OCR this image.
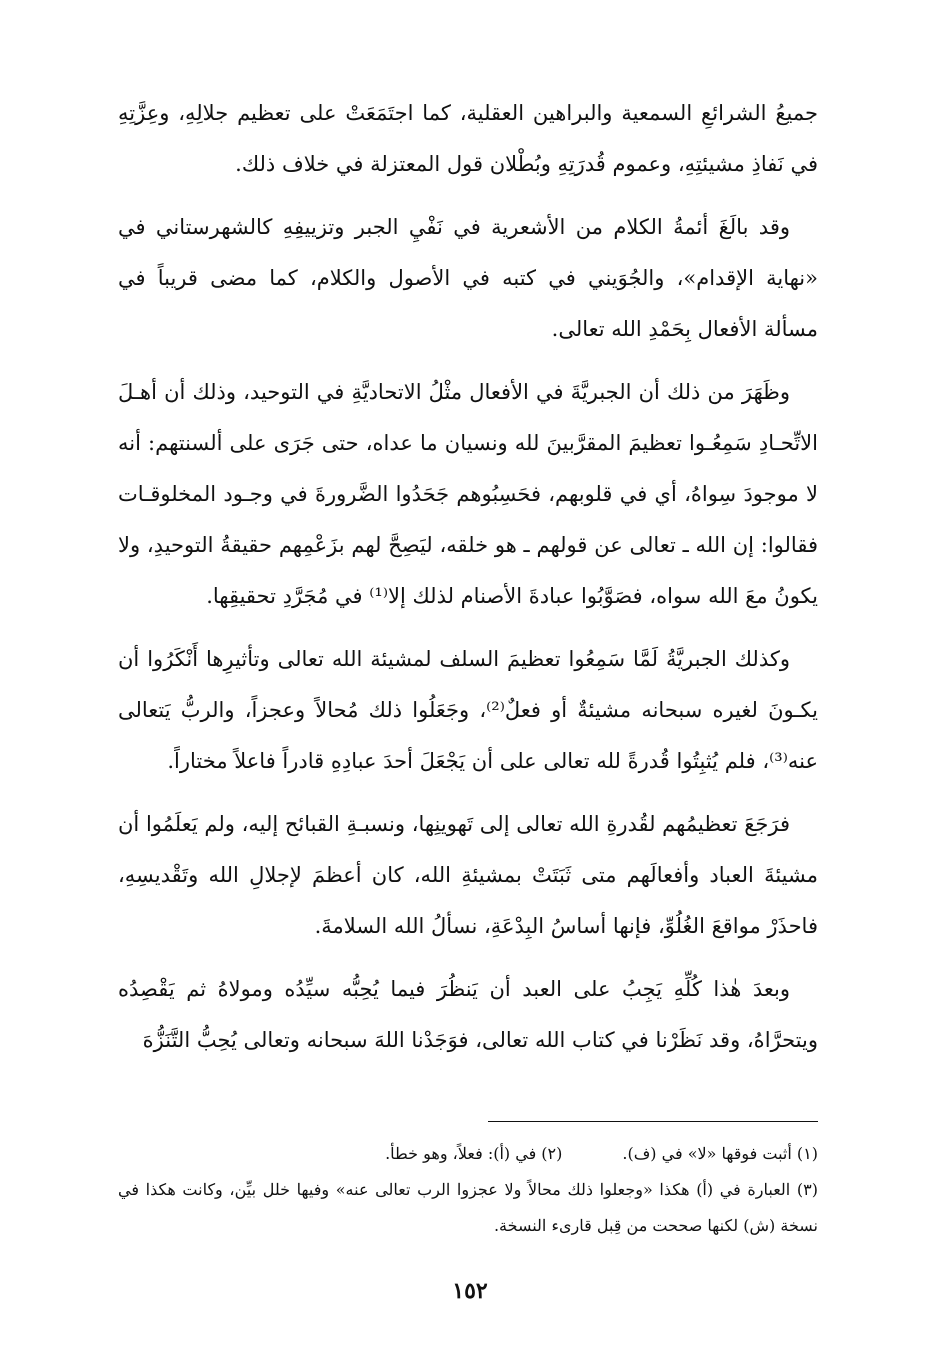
جميعُ الشرائعِ السمعية والبراهين العقلية، كما اجتَمَعَتْ على تعظيم جلالِهِ، وعِزَّتِهِ في نَفاذِ مشيئتِهِ، وعموم قُدرَتِهِ وبُطْلان قول المعتزلة في خلاف ذلك.

وقد بالَغَ أئمةُ الكلام من الأشعرية في نَفْيِ الجبر وتزييفِهِ كالشهرستاني في «نهاية الإقدام»، والجُوَيني في كتبه في الأصول والكلام، كما مضى قريباً في مسألة الأفعال بِحَمْدِ الله تعالى.

وظَهَرَ من ذلك أن الجبريَّةَ في الأفعال مثْلُ الاتحاديَّةِ في التوحيد، وذلك أن أهـلَ الاتِّحـادِ سَمِعُـوا تعظيمَ المقرَّبينَ لله ونسيان ما عداه، حتى جَرَى على ألسنتهم: أنه لا موجودَ سِواهُ، أي في قلوبهم، فحَسِبُوهم جَحَدُوا الضَّرورةَ في وجـود المخلوقـات فقالوا: إن الله ـ تعالى عن قولهم ـ هو خلقه، ليَصِحَّ لهم بزَعْمِهم حقيقةُ التوحيدِ، ولا يكونُ معَ الله سواه، فصَوَّبُوا عبادةَ الأصنام لذلك إلا⁽¹⁾ في مُجَرَّدِ تحقيقِها.

وكذلك الجبريَّةُ لَمَّا سَمِعُوا تعظيمَ السلف لمشيئة الله تعالى وتأثيرِها أَنْكَرُوا أن يكـونَ لغيره سبحانه مشيئةٌ أو فعلٌ⁽²⁾، وجَعَلُوا ذلك مُحالاً وعجزاً، والربُّ يَتعالى عنه⁽³⁾، فلم يُثبِتُوا قُدرةً لله تعالى على أن يَجْعَلَ أحدَ عبادِهِ قادراً فاعلاً مختاراً.

فرَجَعَ تعظيمُهم لقُدرةِ الله تعالى إلى تَهوينِها، ونسبـةِ القبائح إليه، ولم يَعلَمُوا أن مشيئةَ العباد وأفعالَهم متى ثَبَتَتْ بمشيئةِ الله، كان أعظمَ لإجلالِ الله وتَقْديسِهِ، فاحذَرْ مواقعَ الغُلُوِّ، فإنها أساسُ البِدْعَةِ، نسألُ الله السلامةَ.

وبعدَ هٰذا كُلِّهِ يَجِبُ على العبد أن يَنظُرَ فيما يُحِبُّه سيِّدُه ومولاهُ ثم يَقْصِدُه ويتحرَّاهُ، وقد نَظَرْنا في كتاب الله تعالى، فوَجَدْنا اللهَ سبحانه وتعالى يُحِبُّ التَّنَزُّهَ

(١) أثبت فوقها «لا» في (ف).
(٢) في (أ): فعلاً، وهو خطأ.

(٣) العبارة في (أ) هكذا «وجعلوا ذلك محالاً ولا عجزوا الرب تعالى عنه» وفيها خلل بيِّن، وكانت هكذا في نسخة (ش) لكنها صححت من قِبل قارىء النسخة.

١٥٢
